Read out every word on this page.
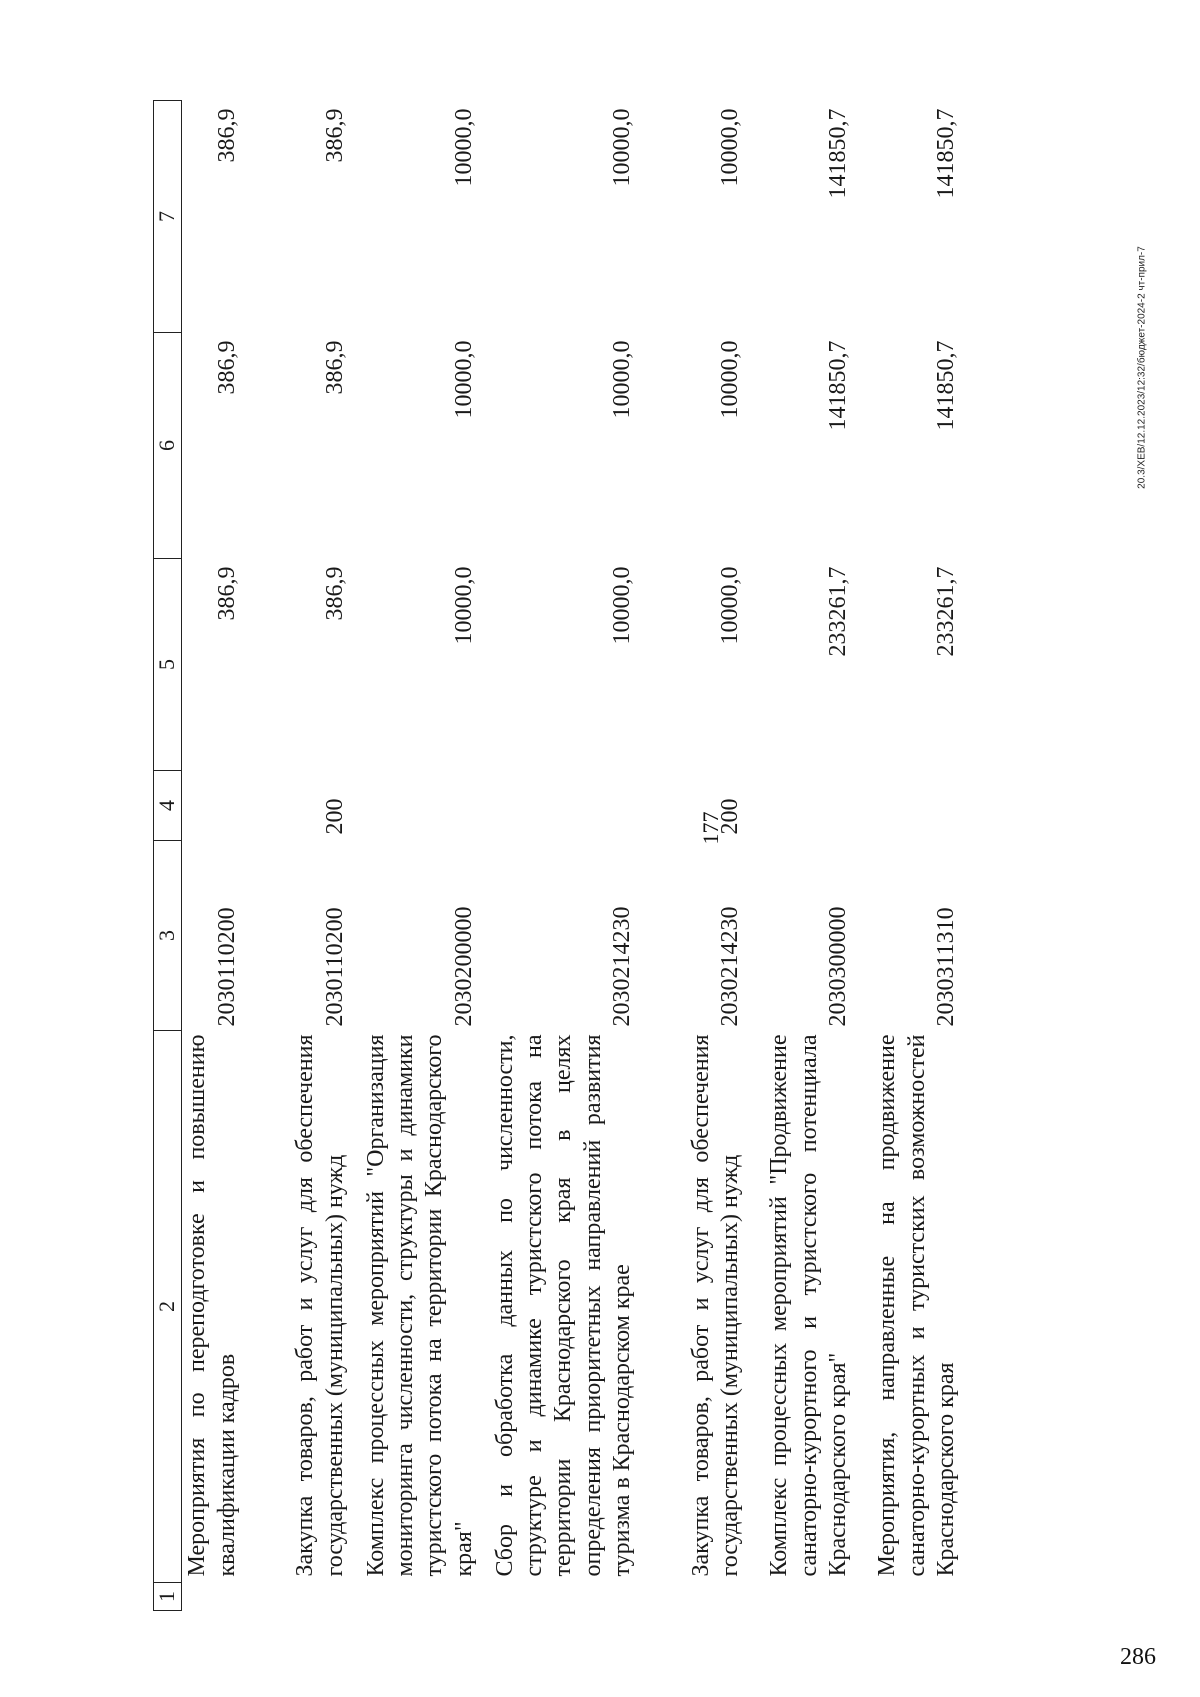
177
20.3/XEB/12.12.2023/12:32/бюджет-2024-2 чт-прил-7
286
1	2	3	4	5	6	7
	Мероприятия по переподготовке и повышению квалификации кадров	2030110200		386,9	386,9	386,9
	Закупка товаров, работ и услуг для обеспечения государственных (муниципальных) нужд	2030110200	200	386,9	386,9	386,9
	Комплекс процессных мероприятий "Организация мониторинга численности, структуры и динамики туристского потока на территории Краснодарского края"	2030200000		10000,0	10000,0	10000,0
	Сбор и обработка данных по численности, структуре и динамике туристского потока на территории Краснодарского края в целях определения приоритетных направлений развития туризма в Краснодарском крае	2030214230		10000,0	10000,0	10000,0
	Закупка товаров, работ и услуг для обеспечения государственных (муниципальных) нужд	2030214230	200	10000,0	10000,0	10000,0
	Комплекс процессных мероприятий "Продвижение санаторно-курортного и туристского потенциала Краснодарского края"	2030300000		233261,7	141850,7	141850,7
	Мероприятия, направленные на продвижение санаторно-курортных и туристских возможностей Краснодарского края	2030311310		233261,7	141850,7	141850,7
